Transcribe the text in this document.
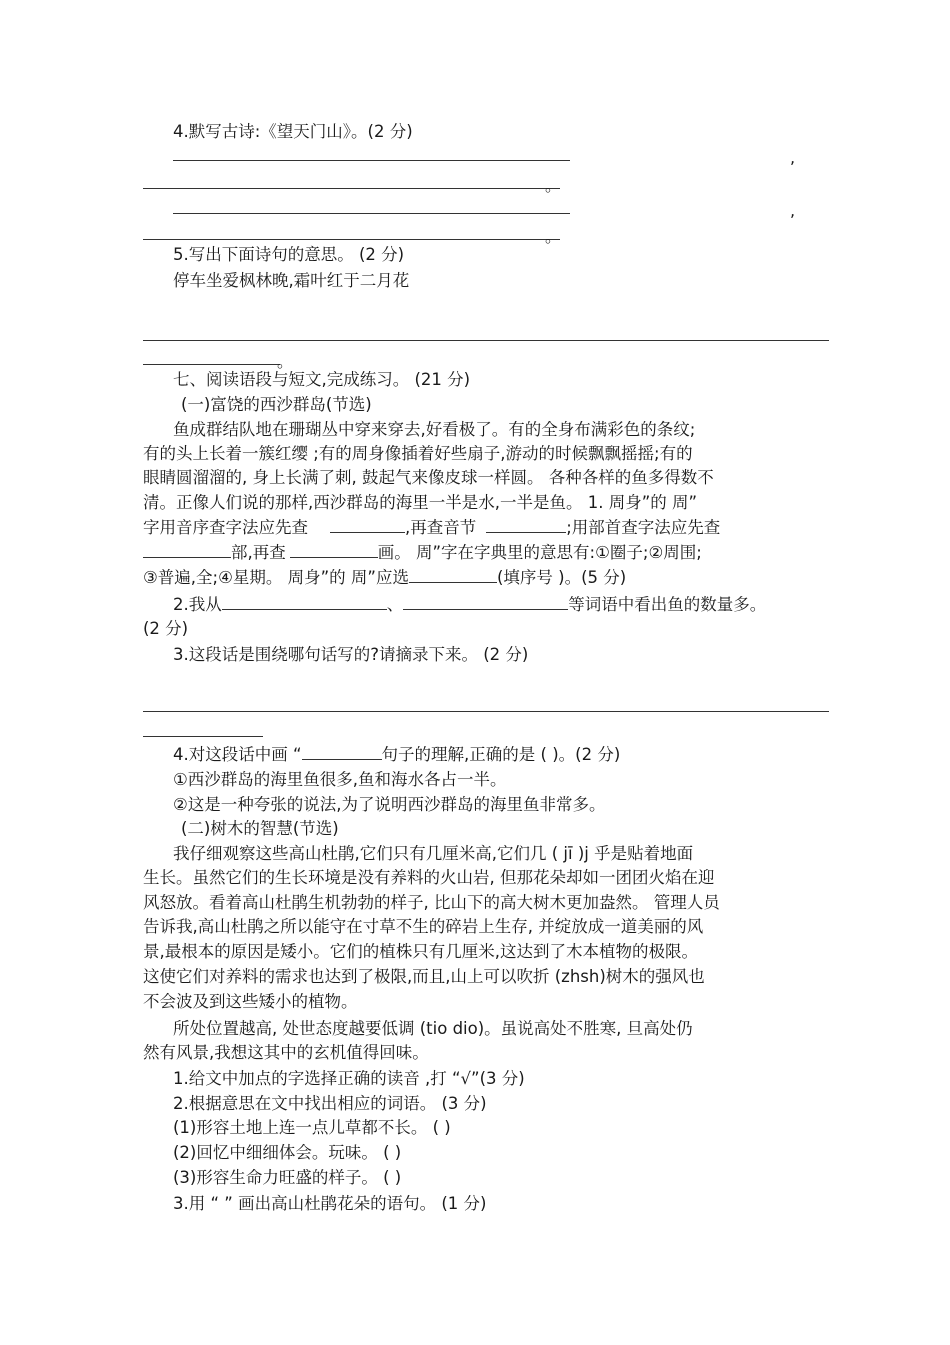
4.默写古诗:《望天门山》。(2 分)
,
。
,
。
5.写出下面诗句的意思。 (2 分)
停车坐爱枫林晚,霜叶红于二月花
。
七、阅读语段与短文,完成练习。 (21 分)
(一)富饶的西沙群岛(节选)
鱼成群结队地在珊瑚丛中穿来穿去,好看极了。有的全身布满彩色的条纹;
有的头上长着一簇红缨 ;有的周身像插着好些扇子,游动的时候飘飘摇摇;有的
眼睛圆溜溜的, 身上长满了刺, 鼓起气来像皮球一样圆。 各种各样的鱼多得数不
清。正像人们说的那样,西沙群岛的海里一半是水,一半是鱼。 1. 周身”的 周”
字用音序查字法应先查	,再查音节	;用部首查字法应先查
部,再查	画。 周”字在字典里的意思有:①圈子;②周围;
③普遍,全;④星期。 周身”的 周”应选	(填序号 )。(5 分)
2.我从	、	等词语中看出鱼的数量多。
(2 分)
3.这段话是围绕哪句话写的?请摘录下来。 (2 分)
4.对这段话中画 “	句子的理解,正确的是 ( )。(2 分)
①西沙群岛的海里鱼很多,鱼和海水各占一半。
②这是一种夸张的说法,为了说明西沙群岛的海里鱼非常多。
(二)树木的智慧(节选)
我仔细观察这些高山杜鹃,它们只有几厘米高,它们几 ( jī )j 乎是贴着地面
生长。虽然它们的生长环境是没有养料的火山岩, 但那花朵却如一团团火焰在迎
风怒放。看着高山杜鹃生机勃勃的样子, 比山下的高大树木更加盎然。 管理人员
告诉我,高山杜鹃之所以能守在寸草不生的碎岩上生存, 并绽放成一道美丽的风
景,最根本的原因是矮小。它们的植株只有几厘米,这达到了木本植物的极限。
这使它们对养料的需求也达到了极限,而且,山上可以吹折 (zhsh)树木的强风也
不会波及到这些矮小的植物。
所处位置越高, 处世态度越要低调 (tio dio)。虽说高处不胜寒, 旦高处仍
然有风景,我想这其中的玄机值得回味。
1.给文中加点的字选择正确的读音 ,打 “√”(3 分)
2.根据意思在文中找出相应的词语。 (3 分)
(1)形容土地上连一点儿草都不长。 ( )
(2)回忆中细细体会。玩味。 ( )
(3)形容生命力旺盛的样子。 ( )
3.用 “ ” 画出高山杜鹃花朵的语句。 (1 分)
